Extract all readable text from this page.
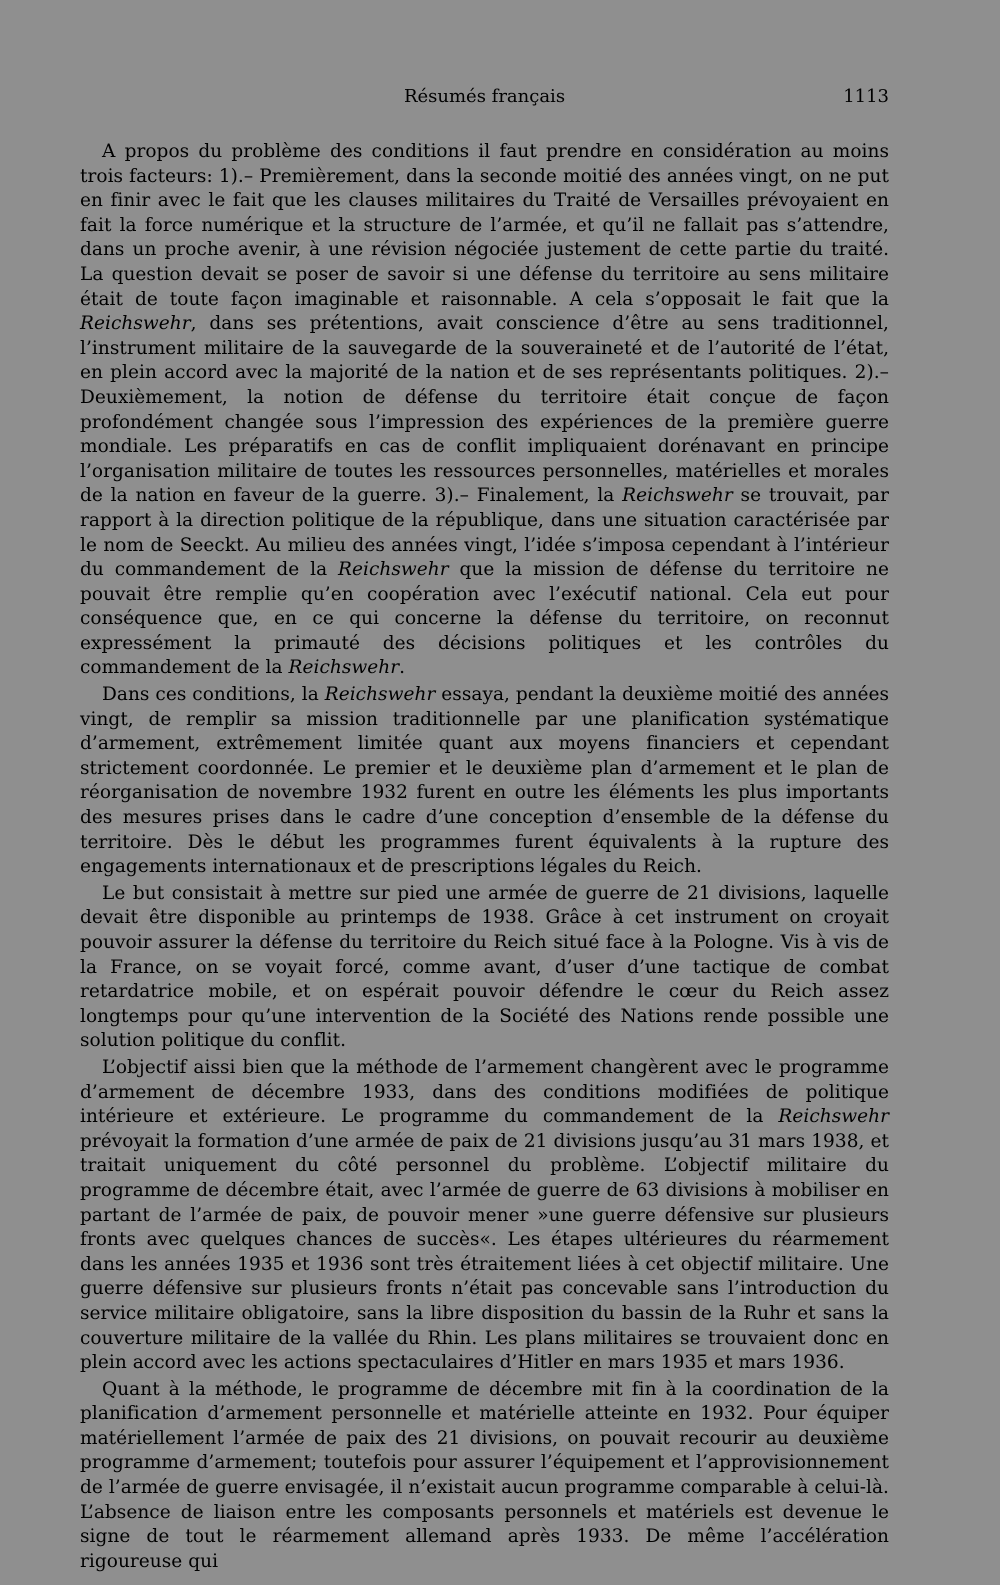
Résumés français	1113

A propos du problème des conditions il faut prendre en considération au moins trois facteurs: 1).– Premièrement, dans la seconde moitié des années vingt, on ne put en finir avec le fait que les clauses militaires du Traité de Versailles prévoyaient en fait la force numérique et la structure de l’armée, et qu’il ne fallait pas s’attendre, dans un proche avenir, à une révision négociée justement de cette partie du traité. La question devait se poser de savoir si une défense du territoire au sens militaire était de toute façon imaginable et raisonnable. A cela s’opposait le fait que la Reichswehr, dans ses prétentions, avait conscience d’être au sens traditionnel, l’instrument militaire de la sauvegarde de la souveraineté et de l’autorité de l’état, en plein accord avec la majorité de la nation et de ses représentants politiques. 2).– Deuxièmement, la notion de défense du territoire était conçue de façon profondément changée sous l’impression des expériences de la première guerre mondiale. Les préparatifs en cas de conflit impliquaient dorénavant en principe l’organisation militaire de toutes les ressources personnelles, matérielles et morales de la nation en faveur de la guerre. 3).– Finalement, la Reichswehr se trouvait, par rapport à la direction politique de la république, dans une situation caractérisée par le nom de Seeckt. Au milieu des années vingt, l’idée s’imposa cependant à l’intérieur du commandement de la Reichswehr que la mission de défense du territoire ne pouvait être remplie qu’en coopération avec l’exécutif national. Cela eut pour conséquence que, en ce qui concerne la défense du territoire, on reconnut expressément la primauté des décisions politiques et les contrôles du commandement de la Reichswehr.

Dans ces conditions, la Reichswehr essaya, pendant la deuxième moitié des années vingt, de remplir sa mission traditionnelle par une planification systématique d’armement, extrêmement limitée quant aux moyens financiers et cependant strictement coordonnée. Le premier et le deuxième plan d’armement et le plan de réorganisation de novembre 1932 furent en outre les éléments les plus importants des mesures prises dans le cadre d’une conception d’ensemble de la défense du territoire. Dès le début les programmes furent équivalents à la rupture des engagements internationaux et de prescriptions légales du Reich.

Le but consistait à mettre sur pied une armée de guerre de 21 divisions, laquelle devait être disponible au printemps de 1938. Grâce à cet instrument on croyait pouvoir assurer la défense du territoire du Reich situé face à la Pologne. Vis à vis de la France, on se voyait forcé, comme avant, d’user d’une tactique de combat retardatrice mobile, et on espérait pouvoir défendre le cœur du Reich assez longtemps pour qu’une intervention de la Société des Nations rende possible une solution politique du conflit.

L’objectif aissi bien que la méthode de l’armement changèrent avec le programme d’armement de décembre 1933, dans des conditions modifiées de politique intérieure et extérieure. Le programme du commandement de la Reichswehr prévoyait la formation d’une armée de paix de 21 divisions jusqu’au 31 mars 1938, et traitait uniquement du côté personnel du problème. L’objectif militaire du programme de décembre était, avec l’armée de guerre de 63 divisions à mobiliser en partant de l’armée de paix, de pouvoir mener »une guerre défensive sur plusieurs fronts avec quelques chances de succès«. Les étapes ultérieures du réarmement dans les années 1935 et 1936 sont très étraitement liées à cet objectif militaire. Une guerre défensive sur plusieurs fronts n’était pas concevable sans l’introduction du service militaire obligatoire, sans la libre disposition du bassin de la Ruhr et sans la couverture militaire de la vallée du Rhin. Les plans militaires se trouvaient donc en plein accord avec les actions spectaculaires d’Hitler en mars 1935 et mars 1936.

Quant à la méthode, le programme de décembre mit fin à la coordination de la planification d’armement personnelle et matérielle atteinte en 1932. Pour équiper matériellement l’armée de paix des 21 divisions, on pouvait recourir au deuxième programme d’armement; toutefois pour assurer l’équipement et l’approvisionnement de l’armée de guerre envisagée, il n’existait aucun programme comparable à celui-là. L’absence de liaison entre les composants personnels et matériels est devenue le signe de tout le réarmement allemand après 1933. De même l’accélération rigoureuse qui
